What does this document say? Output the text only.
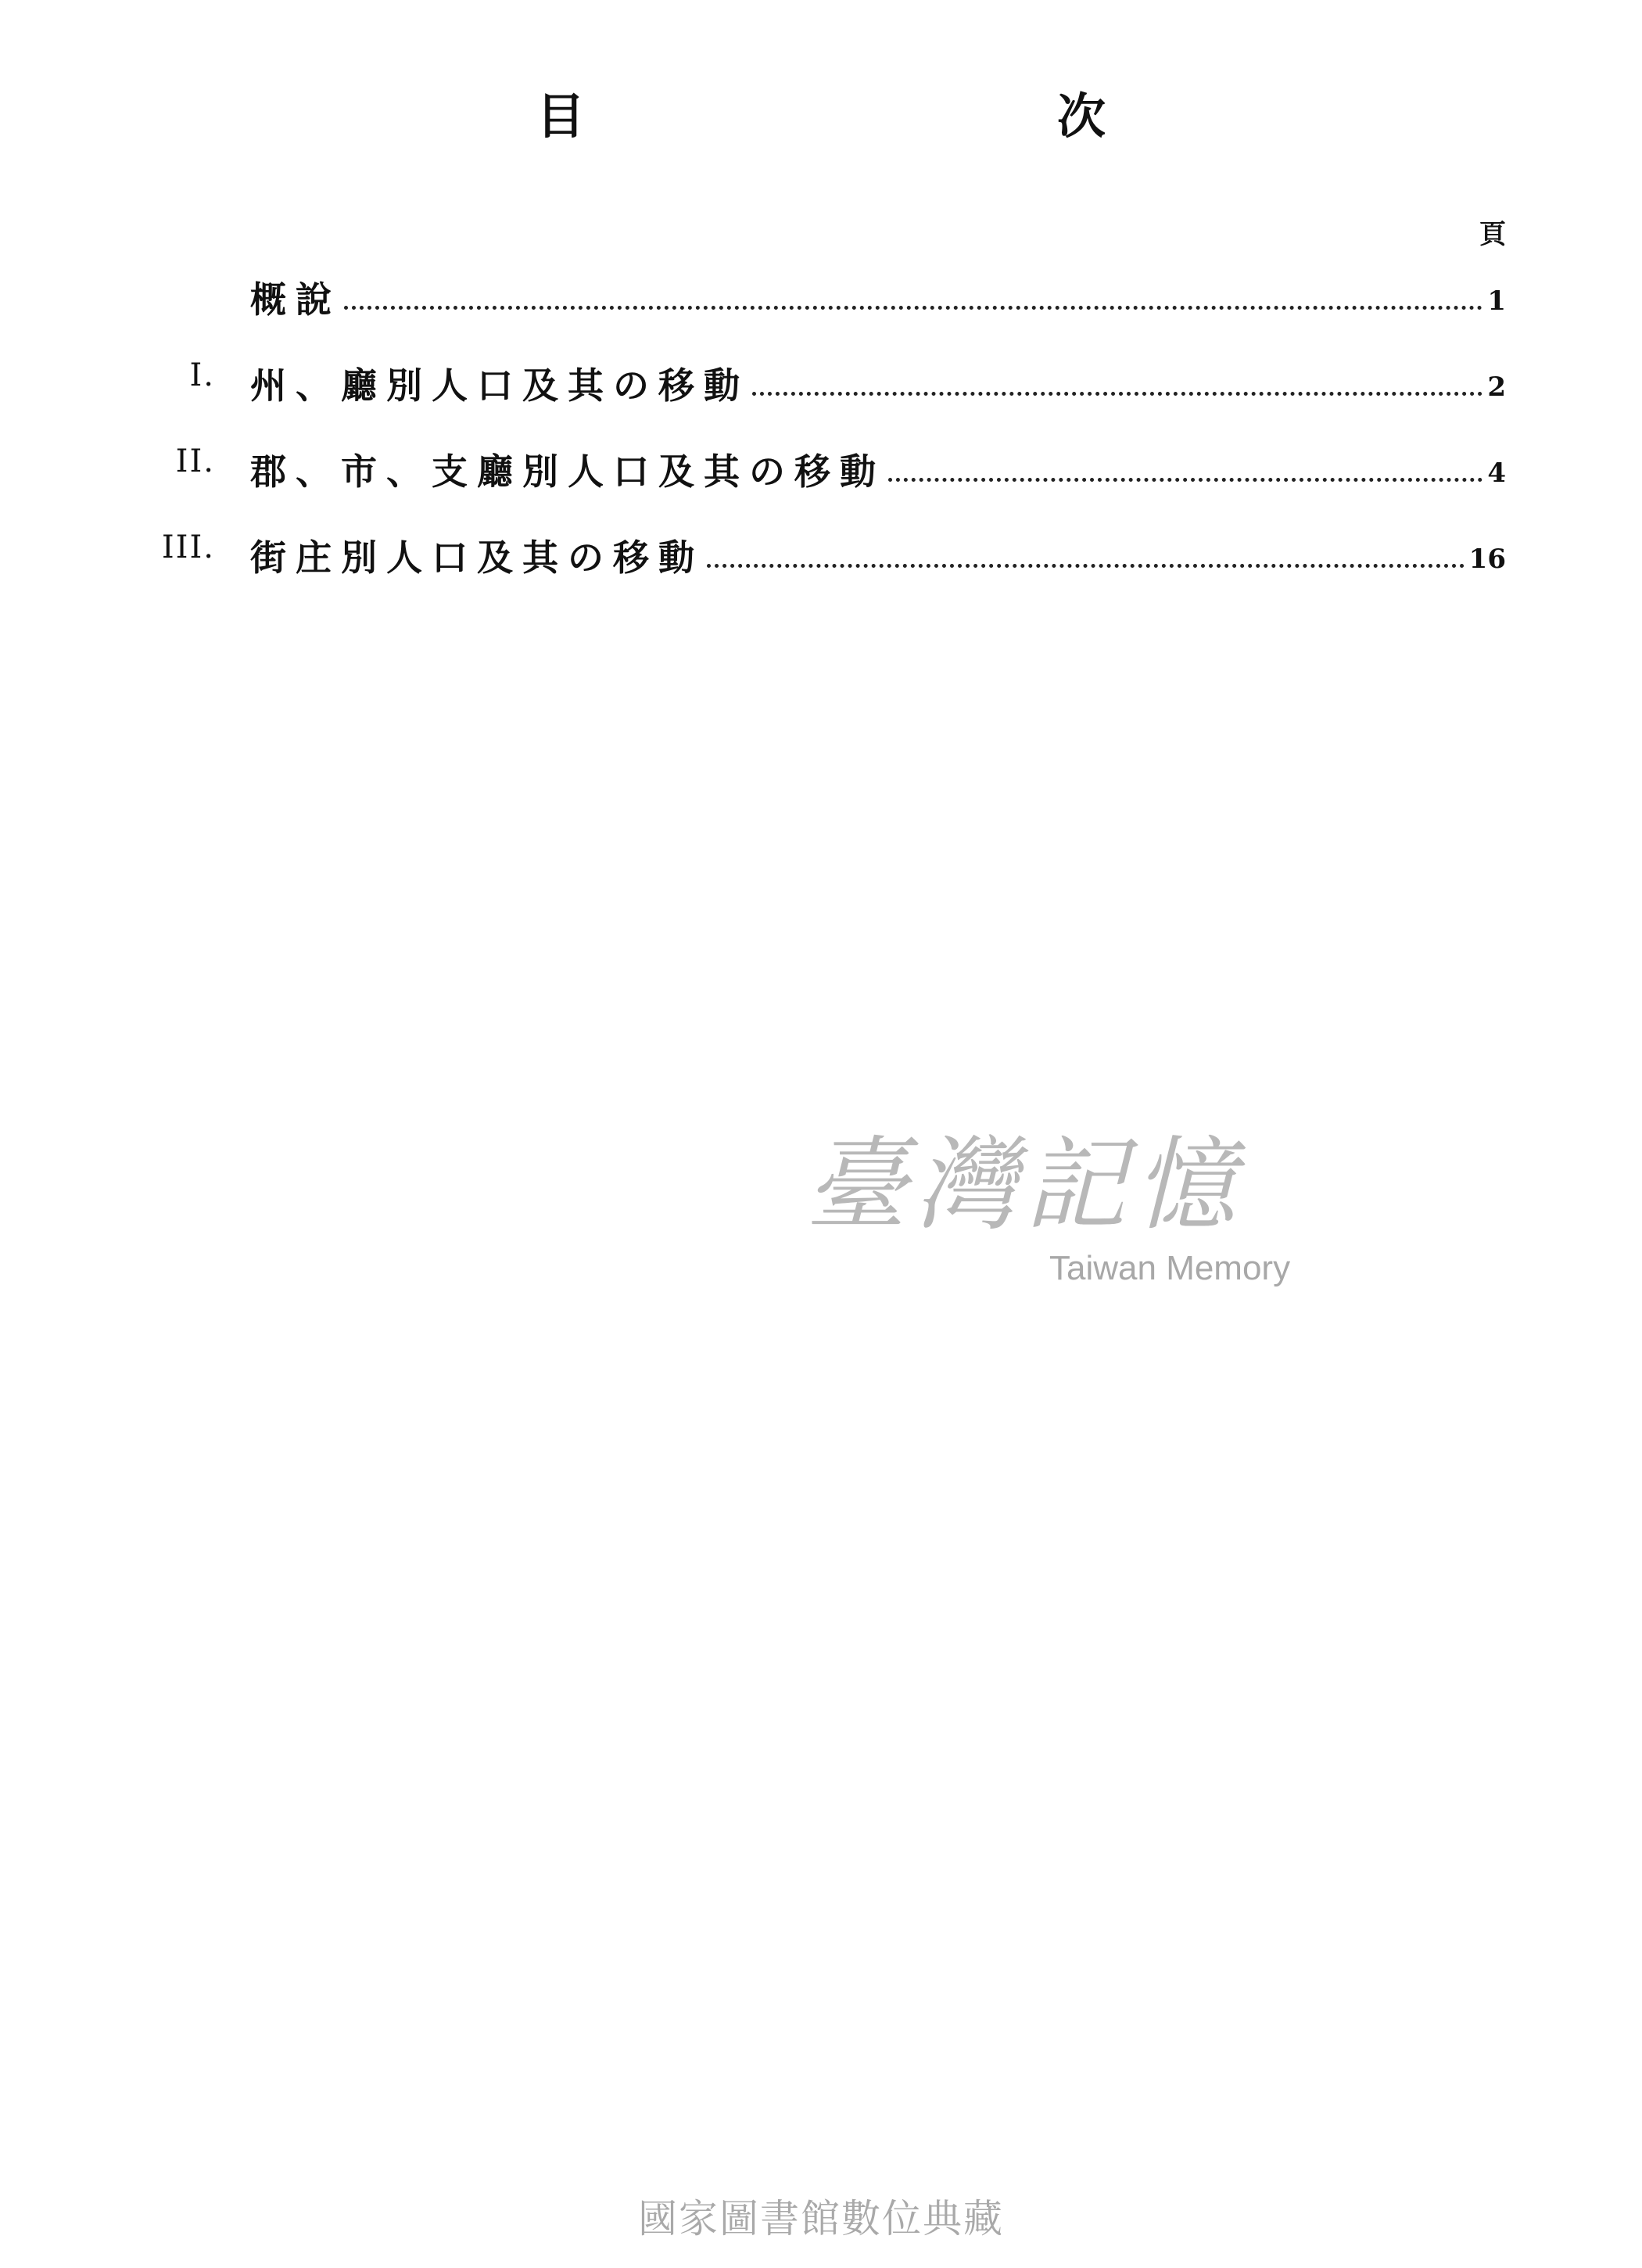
目　　次
頁
概說	1
I. 州、廳別人口及其の移動	2
II. 郡、市、支廳別人口及其の移動	4
III. 街庄別人口及其の移動	16
臺灣記憶
Taiwan Memory
國家圖書館數位典藏
